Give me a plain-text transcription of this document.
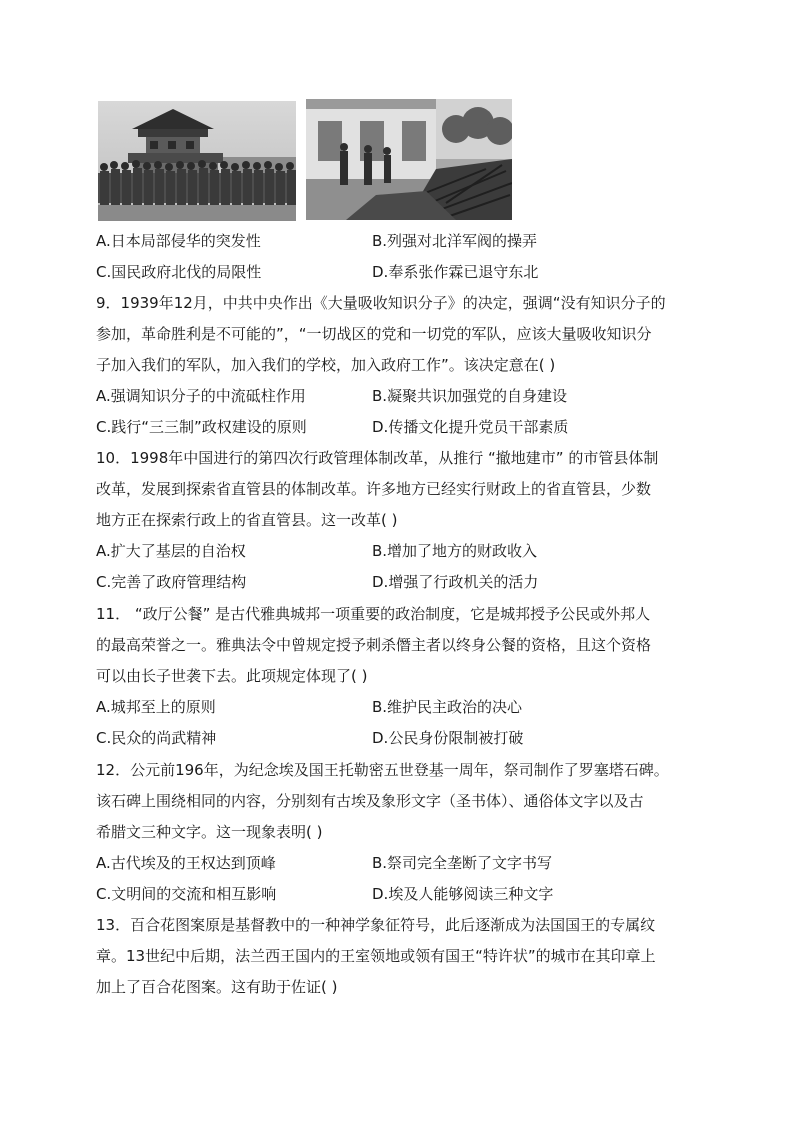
A.日本局部侵华的突发性	B.列强对北洋军阀的操弄
C.国民政府北伐的局限性	D.奉系张作霖已退守东北
9．1939年12月，中共中央作出《大量吸收知识分子》的决定，强调“没有知识分子的
参加，革命胜利是不可能的”，“一切战区的党和一切党的军队，应该大量吸收知识分
子加入我们的军队，加入我们的学校，加入政府工作”。该决定意在( )
A.强调知识分子的中流砥柱作用	B.凝聚共识加强党的自身建设
C.践行“三三制”政权建设的原则	D.传播文化提升党员干部素质
10．1998年中国进行的第四次行政管理体制改革，从推行 “撤地建市” 的市管县体制
改革，发展到探索省直管县的体制改革。许多地方已经实行财政上的省直管县，少数
地方正在探索行政上的省直管县。这一改革( )
A.扩大了基层的自治权	B.增加了地方的财政收入
C.完善了政府管理结构	D.增强了行政机关的活力
11． “政厅公餐” 是古代雅典城邦一项重要的政治制度，它是城邦授予公民或外邦人
的最高荣誉之一。雅典法令中曾规定授予刺杀僭主者以终身公餐的资格，且这个资格
可以由长子世袭下去。此项规定体现了( )
A.城邦至上的原则	B.维护民主政治的决心
C.民众的尚武精神	D.公民身份限制被打破
12．公元前196年，为纪念埃及国王托勒密五世登基一周年，祭司制作了罗塞塔石碑。
该石碑上围绕相同的内容，分别刻有古埃及象形文字（圣书体）、通俗体文字以及古
希腊文三种文字。这一现象表明( )
A.古代埃及的王权达到顶峰	B.祭司完全垄断了文字书写
C.文明间的交流和相互影响	D.埃及人能够阅读三种文字
13．百合花图案原是基督教中的一种神学象征符号，此后逐渐成为法国国王的专属纹
章。13世纪中后期，法兰西王国内的王室领地或领有国王“特许状”的城市在其印章上
加上了百合花图案。这有助于佐证( )
